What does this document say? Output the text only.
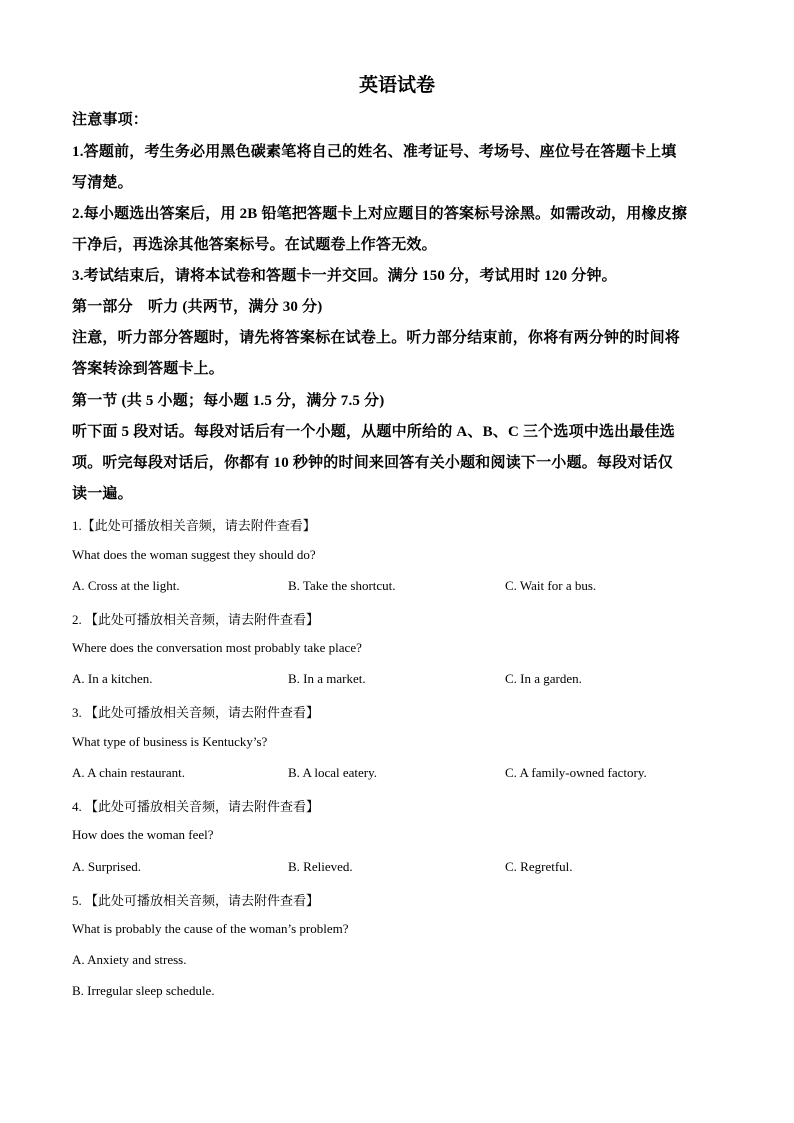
英语试卷
注意事项：
1.答题前，考生务必用黑色碳素笔将自己的姓名、准考证号、考场号、座位号在答题卡上填
写清楚。
2.每小题选出答案后，用 2B 铅笔把答题卡上对应题目的答案标号涂黑。如需改动，用橡皮擦
干净后，再选涂其他答案标号。在试题卷上作答无效。
3.考试结束后，请将本试卷和答题卡一并交回。满分 150 分，考试用时 120 分钟。
第一部分　听力 (共两节，满分 30 分)
注意，听力部分答题时，请先将答案标在试卷上。听力部分结束前，你将有两分钟的时间将
答案转涂到答题卡上。
第一节 (共 5 小题；每小题 1.5 分，满分 7.5 分)
听下面 5 段对话。每段对话后有一个小题，从题中所给的 A、B、C 三个选项中选出最佳选
项。听完每段对话后，你都有 10 秒钟的时间来回答有关小题和阅读下一小题。每段对话仅
读一遍。
1.【此处可播放相关音频，请去附件查看】
What does the woman suggest they should do?
A. Cross at the light.	B. Take the shortcut.	C. Wait for a bus.
2. 【此处可播放相关音频，请去附件查看】
Where does the conversation most probably take place?
A. In a kitchen.	B. In a market.	C. In a garden.
3. 【此处可播放相关音频，请去附件查看】
What type of business is Kentucky’s?
A. A chain restaurant.	B. A local eatery.	C. A family-owned factory.
4. 【此处可播放相关音频，请去附件查看】
How does the woman feel?
A. Surprised.	B. Relieved.	C. Regretful.
5. 【此处可播放相关音频，请去附件查看】
What is probably the cause of the woman’s problem?
A. Anxiety and stress.
B. Irregular sleep schedule.
